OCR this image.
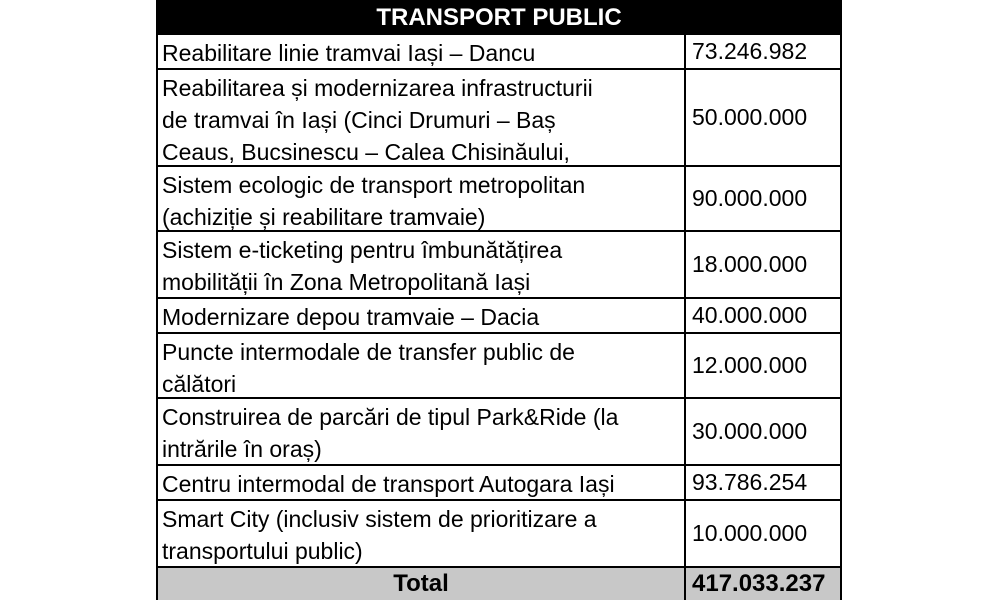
TRANSPORT PUBLIC
Reabilitare linie tramvai Iași – Dancu	73.246.982
Reabilitarea și modernizarea infrastructurii
de tramvai în Iași (Cinci Drumuri – Baș
Ceaus, Bucsinescu – Calea Chisinăului,
50.000.000
Sistem ecologic de transport metropolitan
(achiziție și reabilitare tramvaie)
90.000.000
Sistem e-ticketing pentru îmbunătățirea
mobilității în Zona Metropolitană Iași
18.000.000
Modernizare depou tramvaie – Dacia	40.000.000
Puncte intermodale de transfer public de
călători
12.000.000
Construirea de parcări de tipul Park&Ride (la
intrările în oraș)
30.000.000
Centru intermodal de transport Autogara Iași	93.786.254
Smart City (inclusiv sistem de prioritizare a
transportului public)
10.000.000
Total	417.033.237
